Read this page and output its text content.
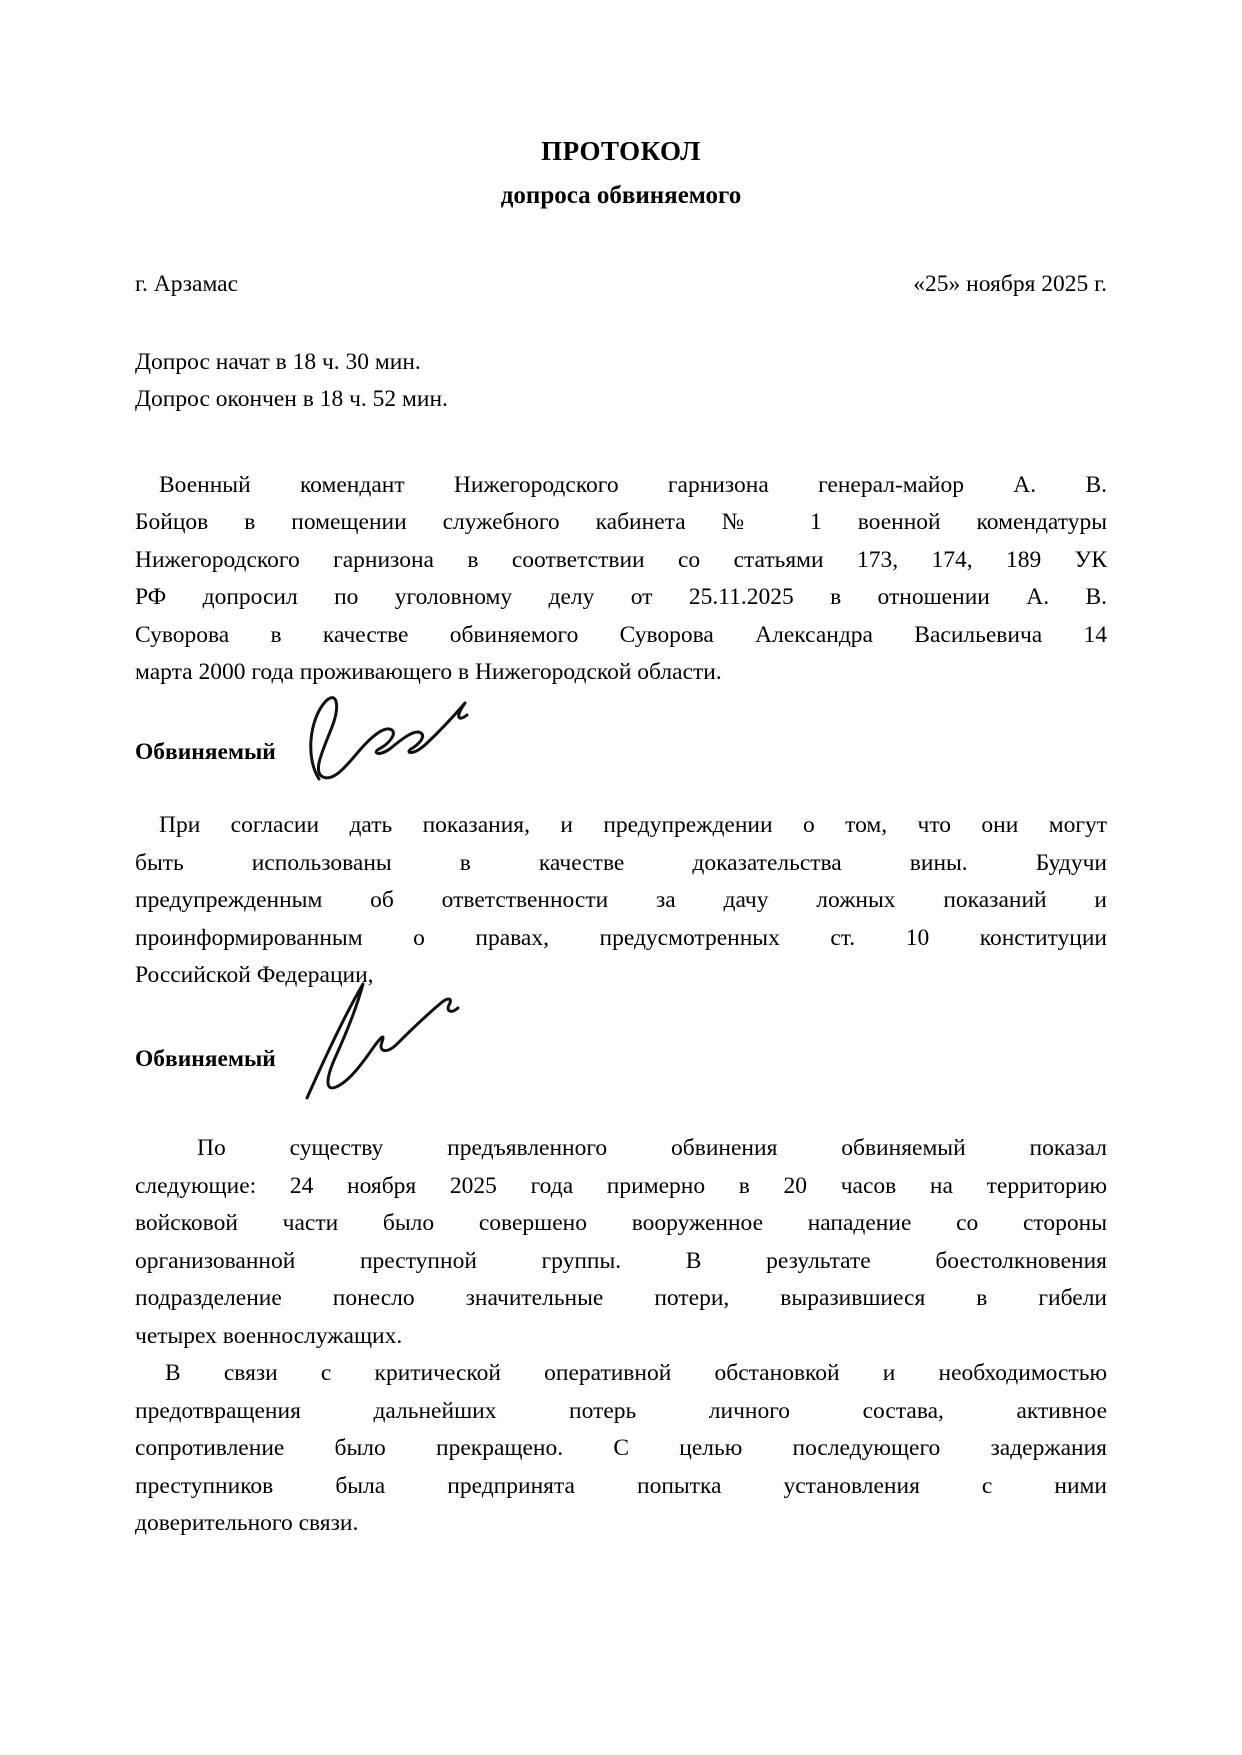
ПРОТОКОЛ
допроса обвиняемого
г. Арзамас	«25» ноября 2025 г.
Допрос начат в 18 ч. 30 мин.
Допрос окончен в 18 ч. 52 мин.
Военный комендант Нижегородского гарнизона генерал-майор А. В.
Бойцов в помещении служебного кабинета № 1 военной комендатуры
Нижегородского гарнизона в соответствии со статьями 173, 174, 189 УК
РФ допросил по уголовному делу от 25.11.2025 в отношении А. В.
Суворова в качестве обвиняемого Суворова Александра Васильевича 14
марта 2000 года проживающего в Нижегородской области.
Обвиняемый
При согласии дать показания, и предупреждении о том, что они могут
быть использованы в качестве доказательства вины. Будучи
предупрежденным об ответственности за дачу ложных показаний и
проинформированным о правах, предусмотренных ст. 10 конституции
Российской Федерации,
Обвиняемый
По существу предъявленного обвинения обвиняемый показал
следующие: 24 ноября 2025 года примерно в 20 часов на территорию
войсковой части было совершено вооруженное нападение со стороны
организованной преступной группы. В результате боестолкновения
подразделение понесло значительные потери, выразившиеся в гибели
четырех военнослужащих.
В связи с критической оперативной обстановкой и необходимостью
предотвращения дальнейших потерь личного состава, активное
сопротивление было прекращено. С целью последующего задержания
преступников была предпринята попытка установления с ними
доверительного связи.
